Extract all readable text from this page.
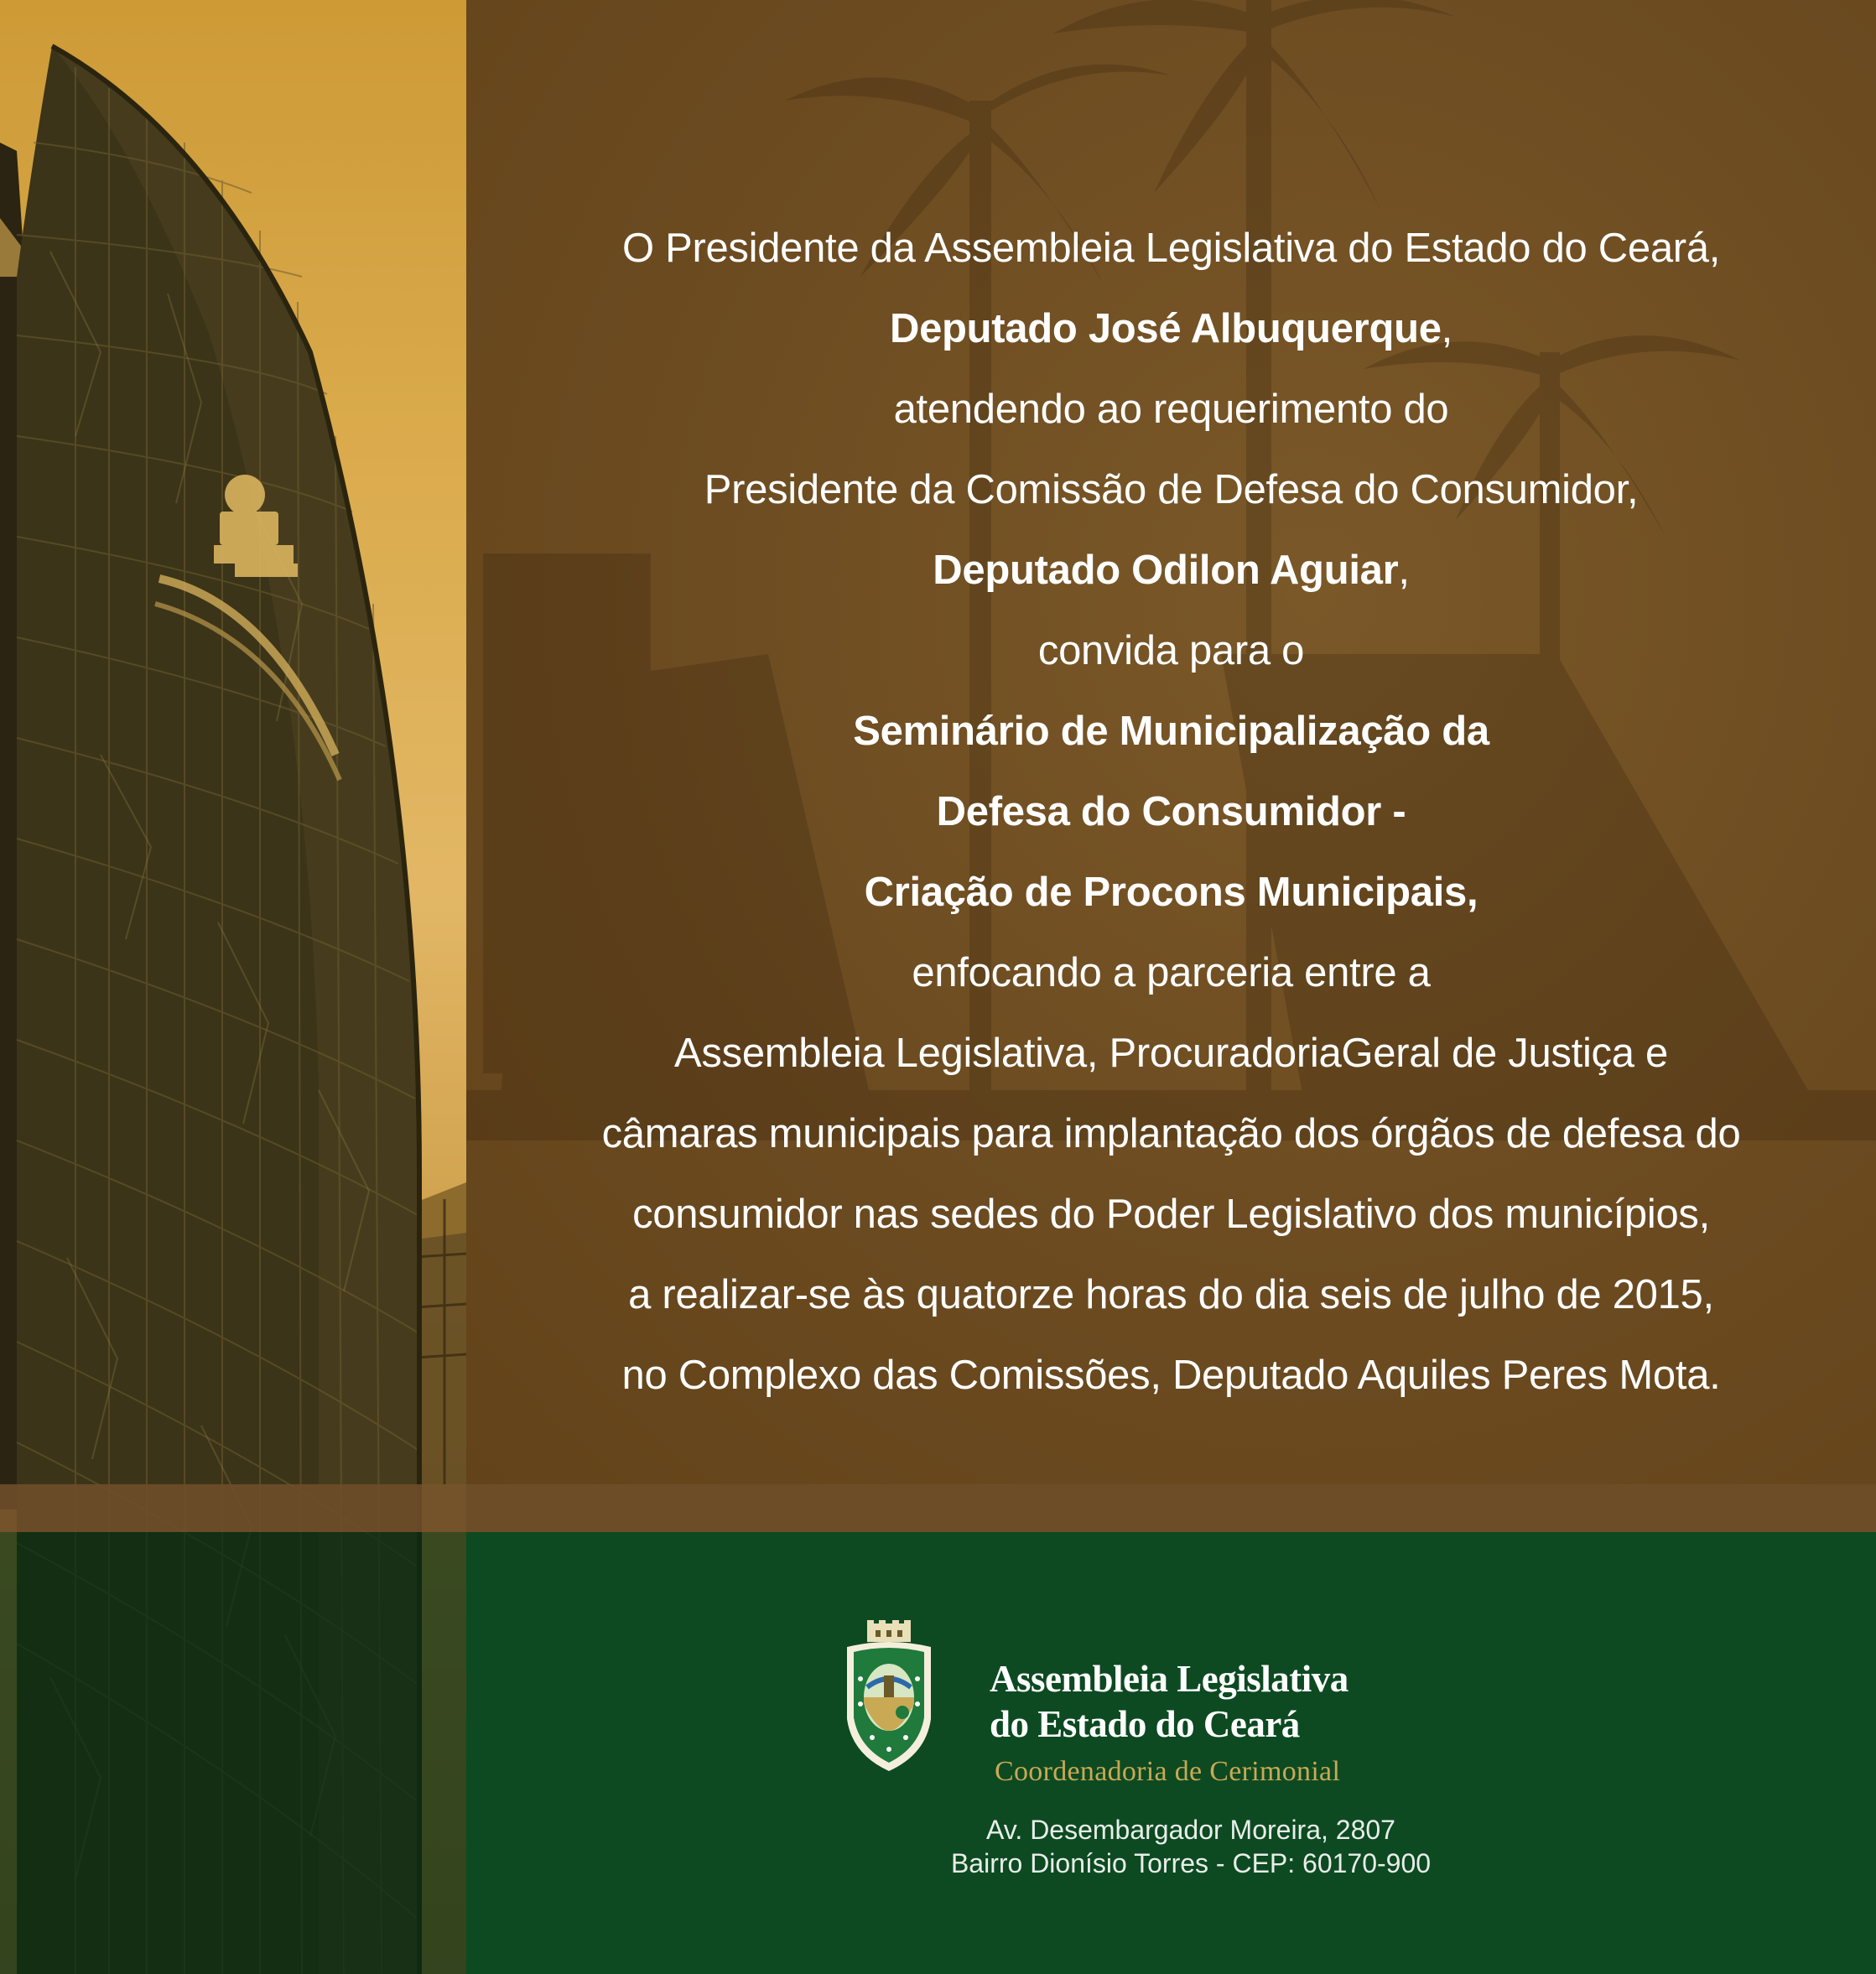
O Presidente da Assembleia Legislativa do Estado do Ceará,
Deputado José Albuquerque,
atendendo ao requerimento do
Presidente da Comissão de Defesa do Consumidor,
Deputado Odilon Aguiar,
convida para o
Seminário de Municipalização da
Defesa do Consumidor -
Criação de Procons Municipais,
enfocando a parceria entre a
Assembleia Legislativa, ProcuradoriaGeral de Justiça e
câmaras municipais para implantação dos órgãos de defesa do
consumidor nas sedes do Poder Legislativo dos municípios,
a realizar-se às quatorze horas do dia seis de julho de 2015,
no Complexo das Comissões, Deputado Aquiles Peres Mota.
Assembleia Legislativa
do Estado do Ceará
Coordenadoria de Cerimonial
Av. Desembargador Moreira, 2807
Bairro Dionísio Torres - CEP: 60170-900
